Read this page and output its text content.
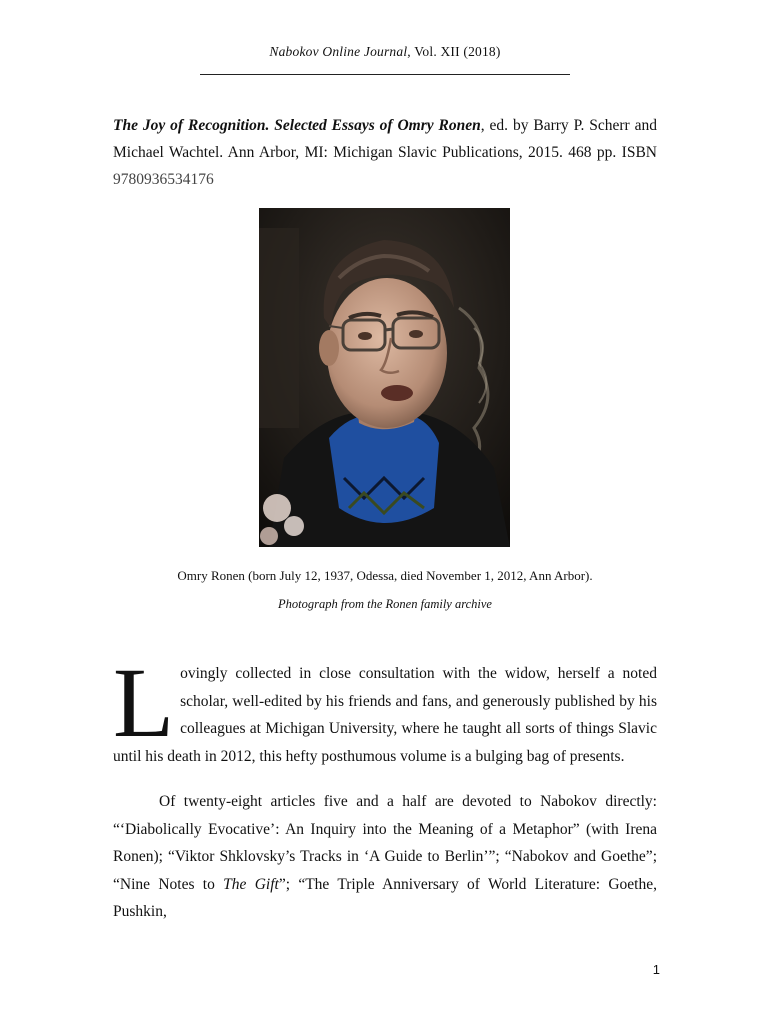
Nabokov Online Journal, Vol. XII (2018)
The Joy of Recognition. Selected Essays of Omry Ronen, ed. by Barry P. Scherr and Michael Wachtel. Ann Arbor, MI: Michigan Slavic Publications, 2015. 468 pp. ISBN 9780936534176
Omry Ronen (born July 12, 1937, Odessa, died November 1, 2012, Ann Arbor).
Photograph from the Ronen family archive

Lovingly collected in close consultation with the widow, herself a noted scholar, well-edited by his friends and fans, and generously published by his colleagues at Michigan University, where he taught all sorts of things Slavic until his death in 2012, this hefty posthumous volume is a bulging bag of presents.

Of twenty-eight articles five and a half are devoted to Nabokov directly: “‘Diabolically Evocative’: An Inquiry into the Meaning of a Metaphor” (with Irena Ronen); “Viktor Shklovsky’s Tracks in ‘A Guide to Berlin’”; “Nabokov and Goethe”; “Nine Notes to The Gift”; “The Triple Anniversary of World Literature: Goethe, Pushkin,

1
